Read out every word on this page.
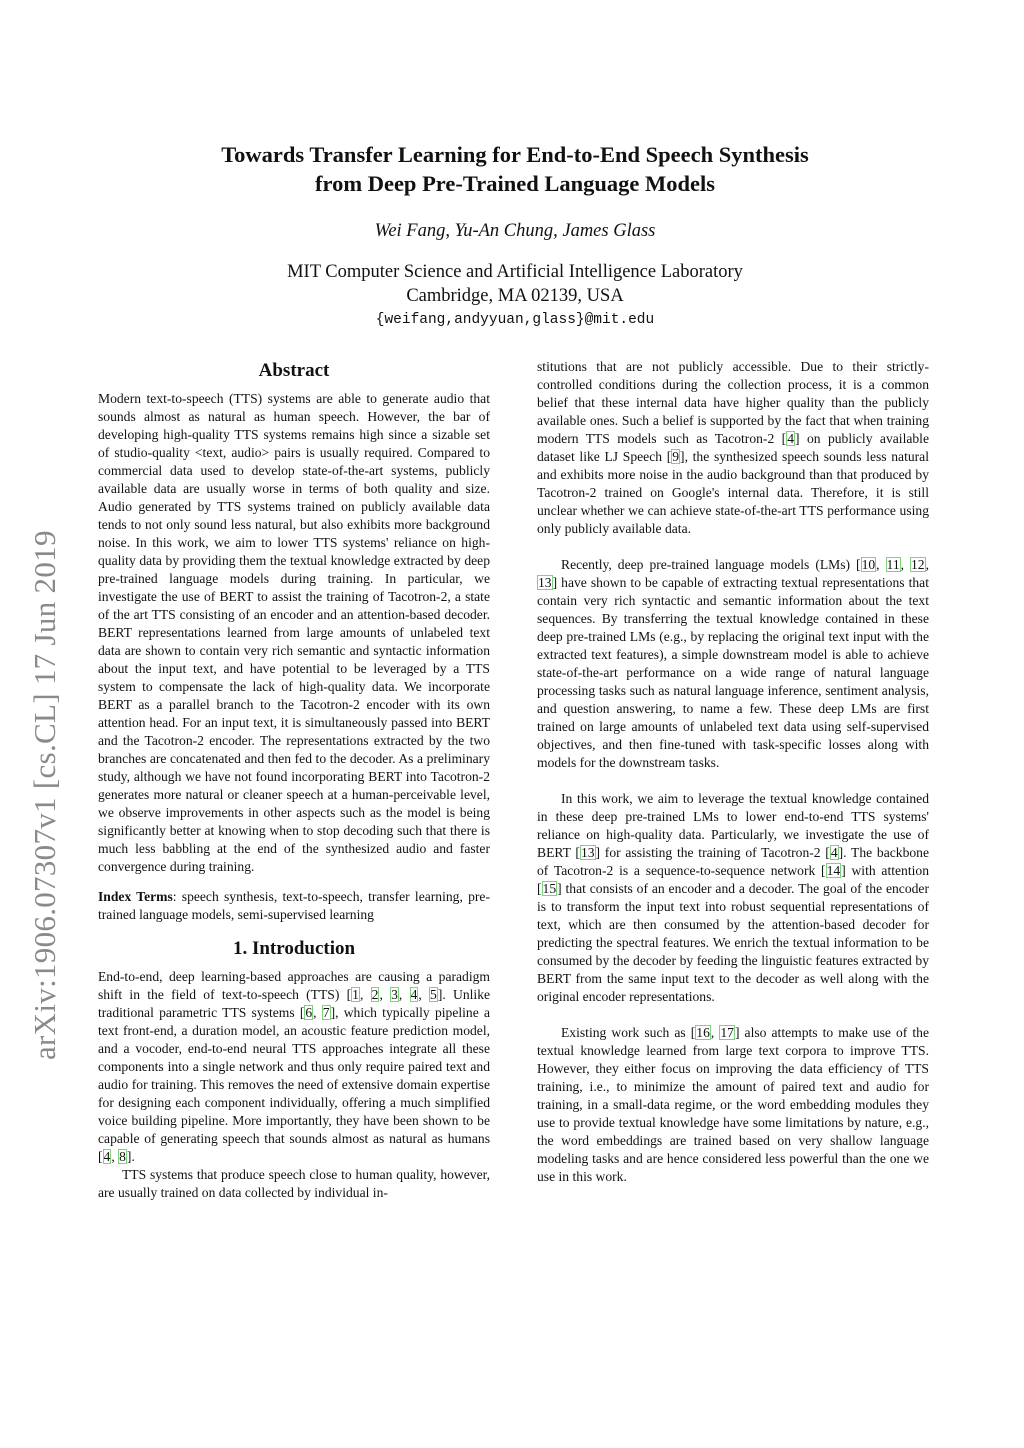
arXiv:1906.07307v1 [cs.CL] 17 Jun 2019
Towards Transfer Learning for End-to-End Speech Synthesis
from Deep Pre-Trained Language Models
Wei Fang, Yu-An Chung, James Glass
MIT Computer Science and Artificial Intelligence Laboratory
Cambridge, MA 02139, USA
{weifang,andyyuan,glass}@mit.edu
Abstract

Modern text-to-speech (TTS) systems are able to generate audio that sounds almost as natural as human speech. However, the bar of developing high-quality TTS systems remains high since a sizable set of studio-quality <text, audio> pairs is usually required. Compared to commercial data used to develop state-of-the-art systems, publicly available data are usually worse in terms of both quality and size. Audio generated by TTS systems trained on publicly available data tends to not only sound less natural, but also exhibits more background noise. In this work, we aim to lower TTS systems' reliance on high-quality data by providing them the textual knowledge extracted by deep pre-trained language models during training. In particular, we investigate the use of BERT to assist the training of Tacotron-2, a state of the art TTS consisting of an encoder and an attention-based decoder. BERT representations learned from large amounts of unlabeled text data are shown to contain very rich semantic and syntactic information about the input text, and have potential to be leveraged by a TTS system to compensate the lack of high-quality data. We incorporate BERT as a parallel branch to the Tacotron-2 encoder with its own attention head. For an input text, it is simultaneously passed into BERT and the Tacotron-2 encoder. The representations extracted by the two branches are concatenated and then fed to the decoder. As a preliminary study, although we have not found incorporating BERT into Tacotron-2 generates more natural or cleaner speech at a human-perceivable level, we observe improvements in other aspects such as the model is being significantly better at knowing when to stop decoding such that there is much less babbling at the end of the synthesized audio and faster convergence during training.

Index Terms: speech synthesis, text-to-speech, transfer learning, pre-trained language models, semi-supervised learning

1. Introduction

End-to-end, deep learning-based approaches are causing a paradigm shift in the field of text-to-speech (TTS) [1, 2, 3, 4, 5]. Unlike traditional parametric TTS systems [6, 7], which typically pipeline a text front-end, a duration model, an acoustic feature prediction model, and a vocoder, end-to-end neural TTS approaches integrate all these components into a single network and thus only require paired text and audio for training. This removes the need of extensive domain expertise for designing each component individually, offering a much simplified voice building pipeline. More importantly, they have been shown to be capable of generating speech that sounds almost as natural as humans [4, 8].

TTS systems that produce speech close to human quality, however, are usually trained on data collected by individual in-

stitutions that are not publicly accessible. Due to their strictly-controlled conditions during the collection process, it is a common belief that these internal data have higher quality than the publicly available ones. Such a belief is supported by the fact that when training modern TTS models such as Tacotron-2 [4] on publicly available dataset like LJ Speech [9], the synthesized speech sounds less natural and exhibits more noise in the audio background than that produced by Tacotron-2 trained on Google's internal data. Therefore, it is still unclear whether we can achieve state-of-the-art TTS performance using only publicly available data.

Recently, deep pre-trained language models (LMs) [10, 11, 12, 13] have shown to be capable of extracting textual representations that contain very rich syntactic and semantic information about the text sequences. By transferring the textual knowledge contained in these deep pre-trained LMs (e.g., by replacing the original text input with the extracted text features), a simple downstream model is able to achieve state-of-the-art performance on a wide range of natural language processing tasks such as natural language inference, sentiment analysis, and question answering, to name a few. These deep LMs are first trained on large amounts of unlabeled text data using self-supervised objectives, and then fine-tuned with task-specific losses along with models for the downstream tasks.

In this work, we aim to leverage the textual knowledge contained in these deep pre-trained LMs to lower end-to-end TTS systems' reliance on high-quality data. Particularly, we investigate the use of BERT [13] for assisting the training of Tacotron-2 [4]. The backbone of Tacotron-2 is a sequence-to-sequence network [14] with attention [15] that consists of an encoder and a decoder. The goal of the encoder is to transform the input text into robust sequential representations of text, which are then consumed by the attention-based decoder for predicting the spectral features. We enrich the textual information to be consumed by the decoder by feeding the linguistic features extracted by BERT from the same input text to the decoder as well along with the original encoder representations.

Existing work such as [16, 17] also attempts to make use of the textual knowledge learned from large text corpora to improve TTS. However, they either focus on improving the data efficiency of TTS training, i.e., to minimize the amount of paired text and audio for training, in a small-data regime, or the word embedding modules they use to provide textual knowledge have some limitations by nature, e.g., the word embeddings are trained based on very shallow language modeling tasks and are hence considered less powerful than the one we use in this work.
